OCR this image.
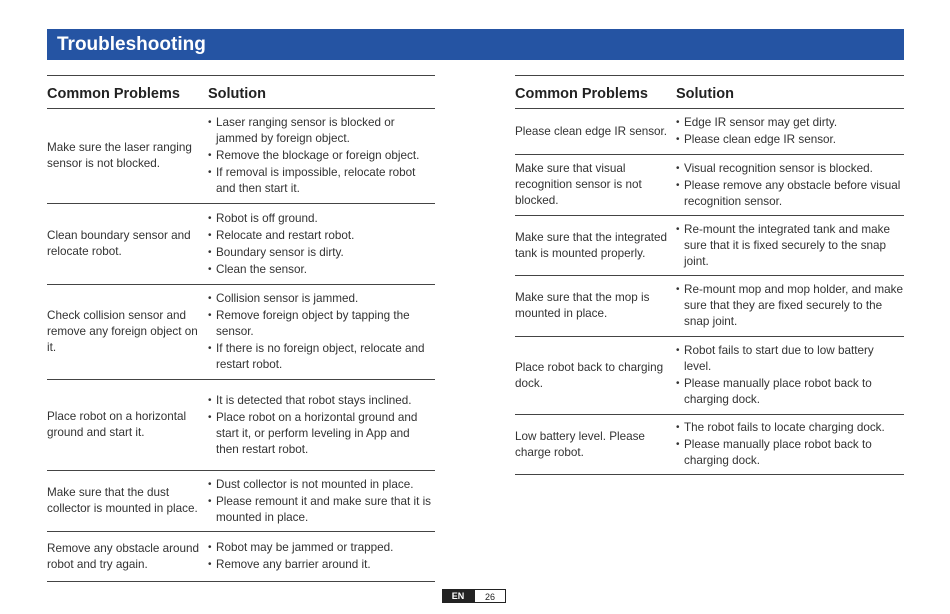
Troubleshooting
Common Problems	Solution
Make sure the laser ranging sensor is not blocked.
• Laser ranging sensor is blocked or jammed by foreign object.
• Remove the blockage or foreign object.
• If removal is impossible, relocate robot and then start it.
Clean boundary sensor and relocate robot.
• Robot is off ground.
• Relocate and restart robot.
• Boundary sensor is dirty.
• Clean the sensor.
Check collision sensor and remove any foreign object on it.
• Collision sensor is jammed.
• Remove foreign object by tapping the sensor.
• If there is no foreign object, relocate and restart robot.
Place robot on a horizontal ground and start it.
• It is detected that robot stays inclined.
• Place robot on a horizontal ground and start it, or perform leveling in App and then restart robot.
Make sure that the dust collector is mounted in place.
• Dust collector is not mounted in place.
• Please remount it and make sure that it is mounted in place.
Remove any obstacle around robot and try again.
• Robot may be jammed or trapped.
• Remove any barrier around it.
Common Problems	Solution
Please clean edge IR sensor.
• Edge IR sensor may get dirty.
• Please clean edge IR sensor.
Make sure that visual recognition sensor is not blocked.
• Visual recognition sensor is blocked.
• Please remove any obstacle before visual recognition sensor.
Make sure that the integrated tank is mounted properly.
• Re-mount the integrated tank and make sure that it is fixed securely to the snap joint.
Make sure that the mop is mounted in place.
• Re-mount mop and mop holder, and make sure that they are fixed securely to the snap joint.
Place robot back to charging dock.
• Robot fails to start due to low battery level.
• Please manually place robot back to charging dock.
Low battery level. Please charge robot.
• The robot fails to locate charging dock.
• Please manually place robot back to charging dock.
EN	26
